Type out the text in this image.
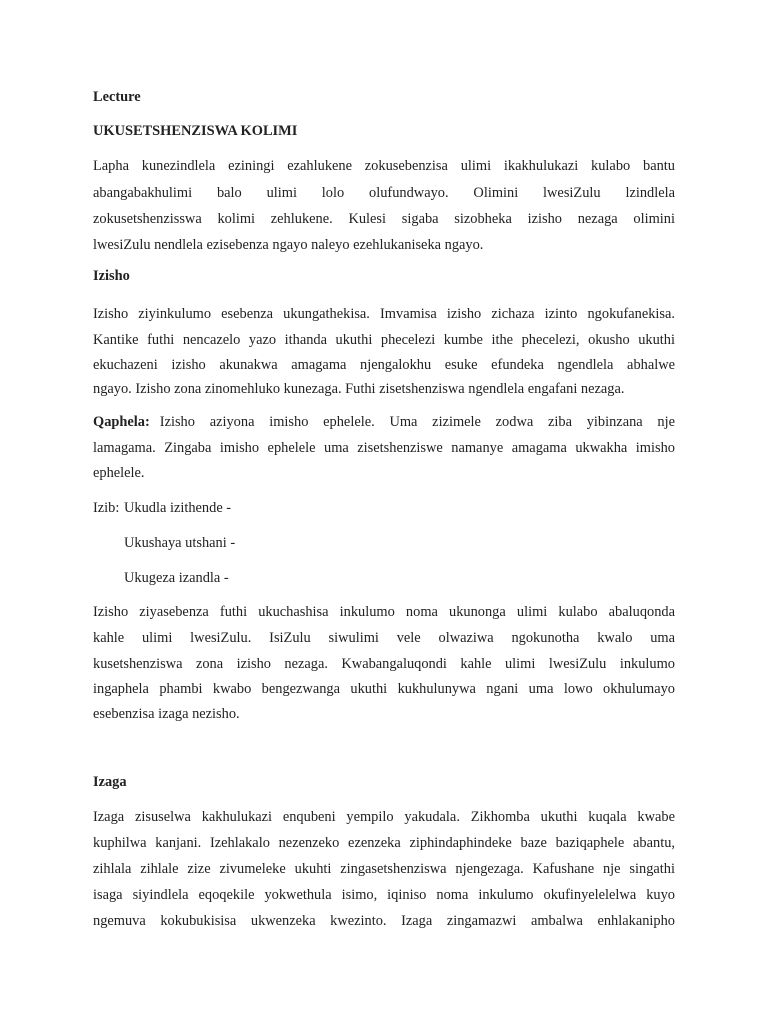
Lecture
UKUSETSHENZISWA KOLIMI
Lapha kunezindlela eziningi ezahlukene zokusebenzisa ulimi ikakhulukazi kulabo bantu
abangabakhulimi balo ulimi lolo olufundwayo. Olimini lwesiZulu lzindlela
zokusetshenzisswa kolimi zehlukene. Kulesi sigaba sizobheka izisho nezaga olimini
lwesiZulu nendlela ezisebenza ngayo naleyo ezehlukaniseka ngayo.
Izisho
Izisho ziyinkulumo esebenza ukungathekisa. Imvamisa izisho zichaza izinto ngokufanekisa.
Kantike futhi nencazelo yazo ithanda ukuthi phecelezi kumbe ithe phecelezi, okusho ukuthi
ekuchazeni izisho akunakwa amagama njengalokhu esuke efundeka ngendlela abhalwe
ngayo. Izisho zona zinomehluko kunezaga. Futhi zisetshenziswa ngendlela engafani nezaga.
Qaphela: Izisho aziyona imisho ephelele. Uma zizimele zodwa ziba yibinzana nje
lamagama. Zingaba imisho ephelele uma zisetshenziswe namanye amagama ukwakha imisho
ephelele.
Izib: Ukudla izithende -
Ukushaya utshani -
Ukugeza izandla -
Izisho ziyasebenza futhi ukuchashisa inkulumo noma ukunonga ulimi kulabo abaluqonda
kahle ulimi lwesiZulu. IsiZulu siwulimi vele olwaziwa ngokunotha kwalo uma
kusetshenziswa zona izisho nezaga. Kwabangaluqondi kahle ulimi lwesiZulu inkulumo
ingaphela phambi kwabo bengezwanga ukuthi kukhulunywa ngani uma lowo okhulumayo
esebenzisa izaga nezisho.
Izaga
Izaga zisuselwa kakhulukazi enqubeni yempilo yakudala. Zikhomba ukuthi kuqala kwabe
kuphilwa kanjani. Izehlakalo nezenzeko ezenzeka ziphindaphindeke baze baziqaphele abantu,
zihlala zihlale zize zivumeleke ukuhti zingasetshenziswa njengezaga. Kafushane nje singathi
isaga siyindlela eqoqekile yokwethula isimo, iqiniso noma inkulumo okufinyelelelwa kuyo
ngemuva kokubukisisa ukwenzeka kwezinto. Izaga zingamazwi ambalwa enhlakanipho
